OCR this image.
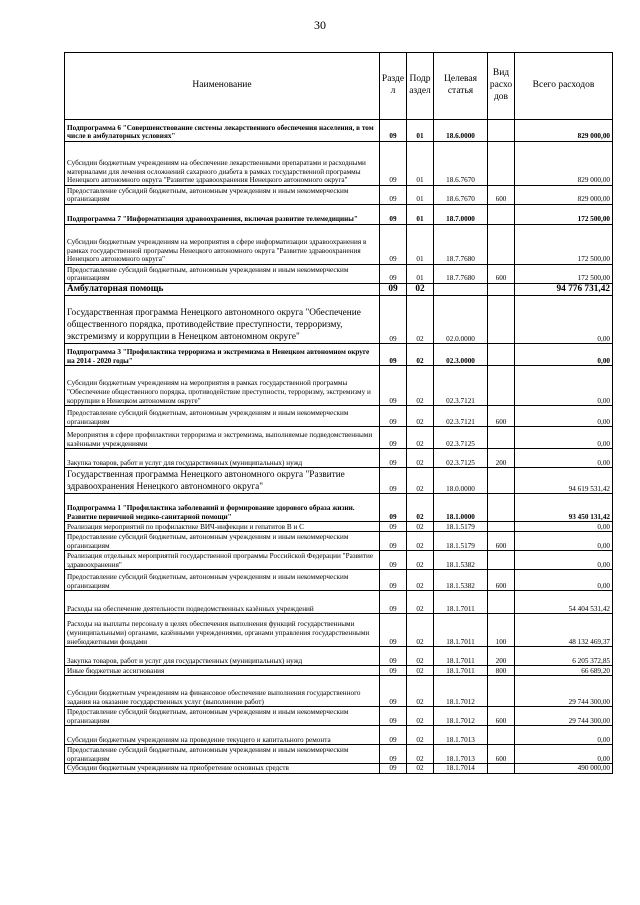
30
Наименование	Разде л	Подр аздел	Целевая статья	Вид расхо дов	Всего расходов
Подпрограмма 6 "Совершенствование системы лекарственного обеспечения населения, в том числе в амбулаторных условиях"	09	01	18.6.0000		829 000,00
Субсидии бюджетным учреждениям на обеспечение лекарственными препаратами и расходными материалами для лечения осложнений сахарного диабета в рамках государственной программы Ненецкого автономного округа "Развитие здравоохранения Ненецкого автономного округа"	09	01	18.6.7670		829 000,00
Предоставление субсидий бюджетным, автономным учреждениям и иным некоммерческим организациям	09	01	18.6.7670	600	829 000,00
Подпрограмма 7 "Информатизация здравоохранения, включая развитие телемедицины"	09	01	18.7.0000		172 500,00
Субсидии бюджетным учреждениям на мероприятия в сфере информатизации здравоохранения в рамках государственной программы Ненецкого автономного округа "Развитие здравоохранения Ненецкого автономного округа"	09	01	18.7.7680		172 500,00
Предоставление субсидий бюджетным, автономным учреждениям и иным некоммерческим организациям	09	01	18.7.7680	600	172 500,00
Амбулаторная помощь	09	02			94 776 731,42
Государственная программа Ненецкого автономного округа "Обеспечение общественного порядка, противодействие преступности, терроризму, экстремизму и коррупции в Ненецком автономном округе"	09	02	02.0.0000		0,00
Подпрограмма 3 "Профилактика терроризма и экстремизма в Ненецком автономном округе на 2014 - 2020 годы"	09	02	02.3.0000		0,00
Субсидии бюджетным учреждениям на мероприятия в рамках государственной программы "Обеспечение общественного порядка, противодействие преступности, терроризму, экстремизму и коррупции в Ненецком автономном округе"	09	02	02.3.7121		0,00
Предоставление субсидий бюджетным, автономным учреждениям и иным некоммерческим организациям	09	02	02.3.7121	600	0,00
Мероприятия в сфере профилактики терроризма и экстремизма, выполняемые подведомственными казёнными учреждениями	09	02	02.3.7125		0,00
Закупка товаров, работ и услуг для государственных (муниципальных) нужд	09	02	02.3.7125	200	0,00
Государственная программа Ненецкого автономного округа "Развитие здравоохранения Ненецкого автономного округа"	09	02	18.0.0000		94 619 531,42
Подпрограмма 1 "Профилактика заболеваний и формирование здорового образа жизни. Развитие первичной медико-санитарной помощи"	09	02	18.1.0000		93 450 131,42
Реализация мероприятий по профилактике ВИЧ-инфекции и гепатитов В и С	09	02	18.1.5179		0,00
Предоставление субсидий бюджетным, автономным учреждениям и иным некоммерческим организациям	09	02	18.1.5179	600	0,00
Реализация отдельных мероприятий государственной программы Российской Федерации "Развитие здравоохранения"	09	02	18.1.5382		0,00
Предоставление субсидий бюджетным, автономным учреждениям и иным некоммерческим организациям	09	02	18.1.5382	600	0,00
Расходы на обеспечение деятельности подведомственных казённых учреждений	09	02	18.1.7011		54 404 531,42
Расходы на выплаты персоналу в целях обеспечения выполнения функций государственными (муниципальными) органами, казёнными учреждениями, органами управления государственными внебюджетными фондами	09	02	18.1.7011	100	48 132 469,37
Закупка товаров, работ и услуг для государственных (муниципальных) нужд	09	02	18.1.7011	200	6 205 372,85
Иные бюджетные ассигнования	09	02	18.1.7011	800	66 689,20
Субсидии бюджетным учреждениям на финансовое обеспечение выполнения государственного задания на оказание государственных услуг (выполнение работ)	09	02	18.1.7012		29 744 300,00
Предоставление субсидий бюджетным, автономным учреждениям и иным некоммерческим организациям	09	02	18.1.7012	600	29 744 300,00
Субсидии бюджетным учреждениям на проведение текущего и капитального ремонта	09	02	18.1.7013		0,00
Предоставление субсидий бюджетным, автономным учреждениям и иным некоммерческим организациям	09	02	18.1.7013	600	0,00
Субсидии бюджетным учреждениям на приобретение основных средств	09	02	18.1.7014		490 000,00
